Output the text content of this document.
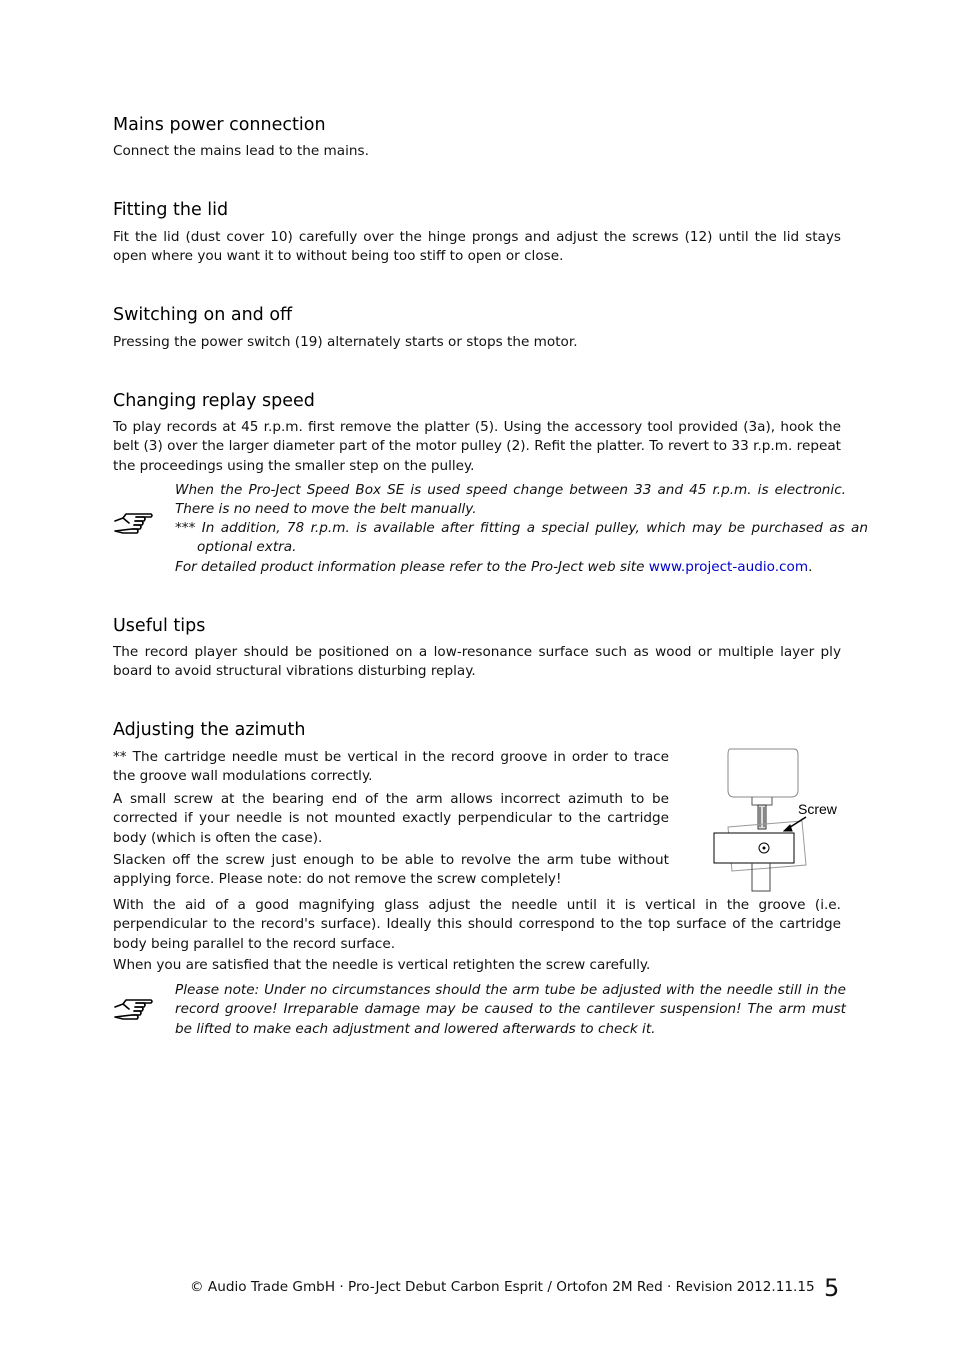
Mains power connection

Connect the mains lead to the mains.

Fitting the lid

Fit the lid (dust cover 10) carefully over the hinge prongs and adjust the screws (12) until the lid stays open where you want it to without being too stiff to open or close.

Switching on and off

Pressing the power switch (19) alternately starts or stops the motor.

Changing replay speed

To play records at 45 r.p.m. first remove the platter (5). Using the accessory tool provided (3a), hook the belt (3) over the larger diameter part of the motor pulley (2). Refit the platter. To revert to 33 r.p.m. repeat the proceedings using the smaller step on the pulley.

When the Pro-Ject Speed Box SE is used speed change between 33 and 45 r.p.m. is electronic. There is no need to move the belt manually.

*** In addition, 78 r.p.m. is available after fitting a special pulley, which may be purchased as an optional extra.

For detailed product information please refer to the Pro-Ject web site www.project-audio.com.

Useful tips

The record player should be positioned on a low-resonance surface such as wood or multiple layer ply board to avoid structural vibrations disturbing replay.

Adjusting the azimuth

** The cartridge needle must be vertical in the record groove in order to trace the groove wall modulations correctly.

A small screw at the bearing end of the arm allows incorrect azimuth to be corrected if your needle is not mounted exactly perpendicular to the cartridge body (which is often the case).

Slacken off the screw just enough to be able to revolve the arm tube without applying force. Please note: do not remove the screw completely!

Screw

With the aid of a good magnifying glass adjust the needle until it is vertical in the groove (i.e. perpendicular to the record's surface). Ideally this should correspond to the top surface of the cartridge body being parallel to the record surface.

When you are satisfied that the needle is vertical retighten the screw carefully.

Please note: Under no circumstances should the arm tube be adjusted with the needle still in the record groove! Irreparable damage may be caused to the cantilever suspension! The arm must be lifted to make each adjustment and lowered afterwards to check it.

© Audio Trade GmbH · Pro-Ject Debut Carbon Esprit / Ortofon 2M Red · Revision 2012.11.15 5
